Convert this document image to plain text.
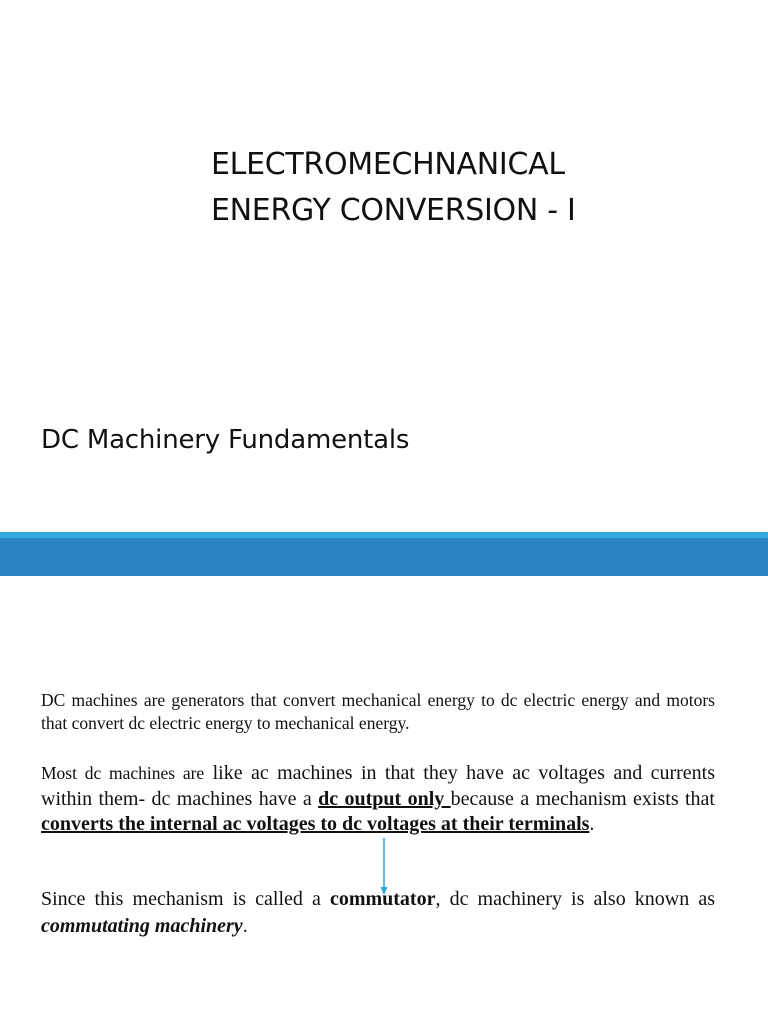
ELECTROMECHNANICAL
ENERGY CONVERSION - I
DC Machinery Fundamentals

DC machines are generators that convert mechanical energy to dc electric energy and motors that convert dc electric energy to mechanical energy.

Most dc machines are like ac machines in that they have ac voltages and currents within them- dc machines have a dc output only because a mechanism exists that converts the internal ac voltages to dc voltages at their terminals.

Since this mechanism is called a commutator, dc machinery is also known as commutating machinery.
